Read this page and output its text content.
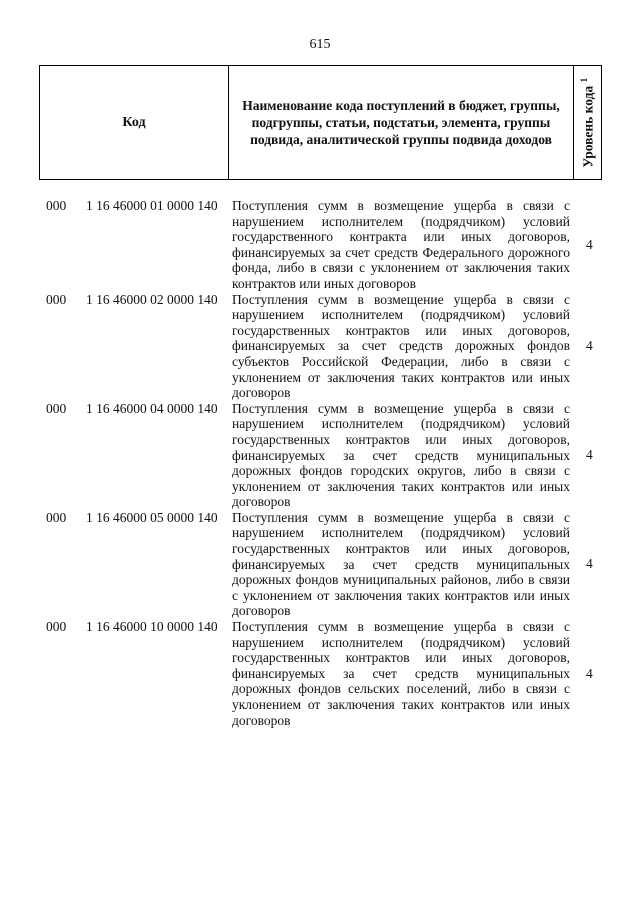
615
Код
Наименование кода поступлений в бюджет, группы, подгруппы, статьи, подстатьи, элемента, группы подвида, аналитической группы подвида доходов	Уровень кода $^1$
000 1 16 46000 01 0000 140 Поступления сумм в возмещение ущерба в связи с нарушением исполнителем (подрядчиком) условий государственного контракта или иных договоров, финансируемых за счет средств Федерального дорожного фонда, либо в связи с уклонением от заключения таких контрактов или иных договоров
4
000 1 16 46000 02 0000 140 Поступления сумм в возмещение ущерба в связи с нарушением исполнителем (подрядчиком) условий государственных контрактов или иных договоров, финансируемых за счет средств дорожных фондов субъектов Российской Федерации, либо в связи с уклонением от заключения таких контрактов или иных договоров
4
000 1 16 46000 04 0000 140 Поступления сумм в возмещение ущерба в связи с нарушением исполнителем (подрядчиком) условий государственных контрактов или иных договоров, финансируемых за счет средств муниципальных дорожных фондов городских округов, либо в связи с уклонением от заключения таких контрактов или иных договоров
4
000 1 16 46000 05 0000 140 Поступления сумм в возмещение ущерба в связи с нарушением исполнителем (подрядчиком) условий государственных контрактов или иных договоров, финансируемых за счет средств муниципальных дорожных фондов муниципальных районов, либо в связи с уклонением от заключения таких контрактов или иных договоров
4
000 1 16 46000 10 0000 140 Поступления сумм в возмещение ущерба в связи с нарушением исполнителем (подрядчиком) условий государственных контрактов или иных договоров, финансируемых за счет средств муниципальных дорожных фондов сельских поселений, либо в связи с уклонением от заключения таких контрактов или иных договоров
4
